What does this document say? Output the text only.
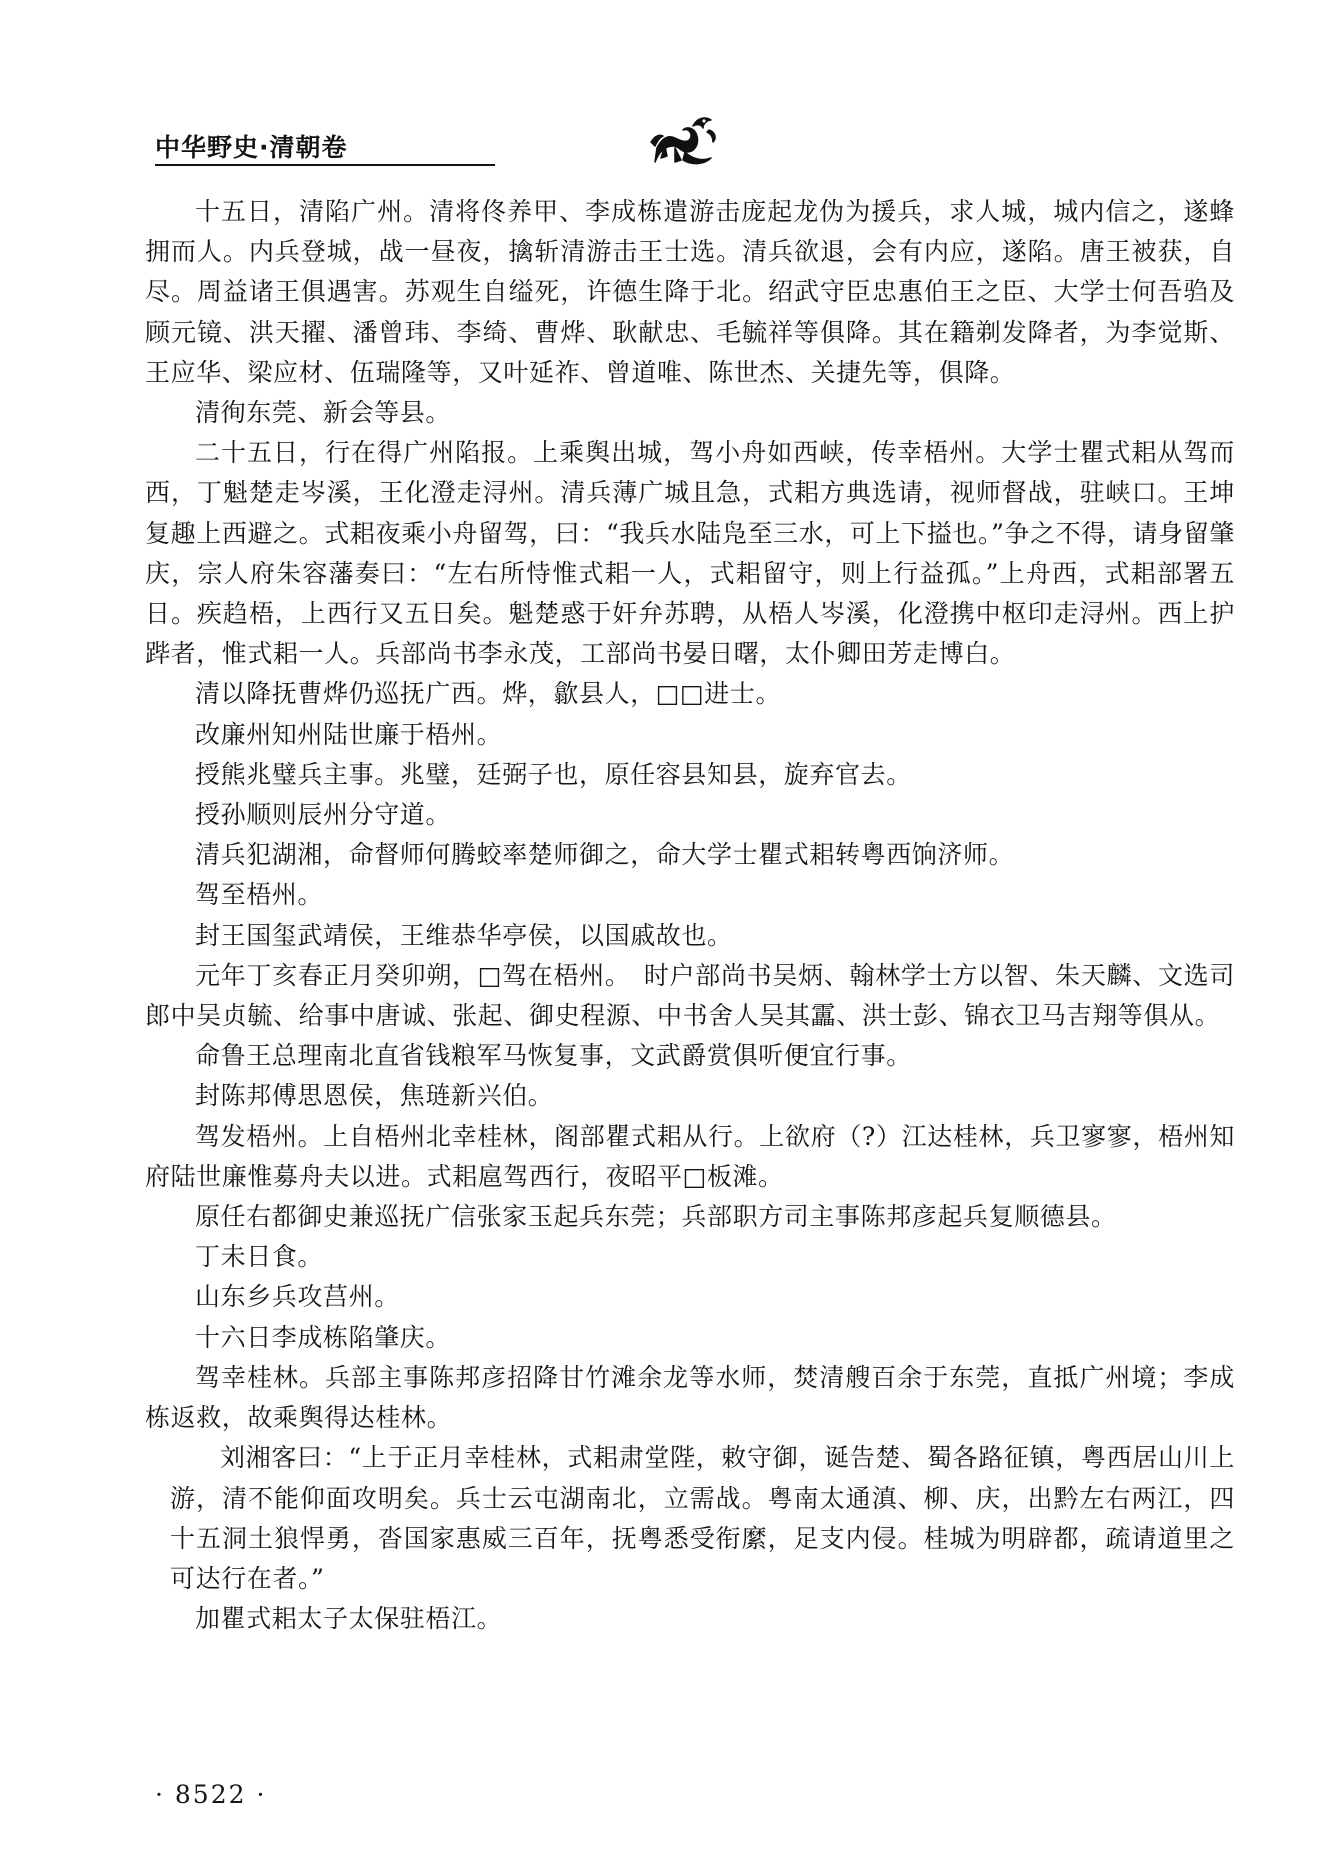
中华野史·清朝卷

十五日，清陷广州。清将佟养甲、李成栋遣游击庞起龙伪为援兵，求人城，城内信之，遂蜂拥而人。内兵登城，战一昼夜，擒斩清游击王士选。清兵欲退，会有内应，遂陷。唐王被获，自尽。周益诸王俱遇害。苏观生自缢死，许德生降于北。绍武守臣忠惠伯王之臣、大学士何吾驺及顾元镜、洪天擢、潘曾玮、李绮、曹烨、耿献忠、毛毓祥等俱降。其在籍剃发降者，为李觉斯、王应华、梁应材、伍瑞隆等，又叶延祚、曾道唯、陈世杰、关捷先等，俱降。

清徇东莞、新会等县。

二十五日，行在得广州陷报。上乘舆出城，驾小舟如西峡，传幸梧州。大学士瞿式耜从驾而西，丁魁楚走岑溪，王化澄走浔州。清兵薄广城且急，式耜方典选请，视师督战，驻峡口。王坤复趣上西避之。式耜夜乘小舟留驾，曰：“我兵水陆凫至三水，可上下搤也。”争之不得，请身留肇庆，宗人府朱容藩奏曰：“左右所恃惟式耜一人，式耜留守，则上行益孤。”上舟西，式耜部署五日。疾趋梧，上西行又五日矣。魁楚惑于奸弁苏聘，从梧人岑溪，化澄携中枢印走浔州。西上护跸者，惟式耜一人。兵部尚书李永茂，工部尚书晏日曙，太仆卿田芳走博白。

清以降抚曹烨仍巡抚广西。烨，歙县人，□□进士。

改廉州知州陆世廉于梧州。

授熊兆璧兵主事。兆璧，廷弼子也，原任容县知县，旋弃官去。

授孙顺则辰州分守道。

清兵犯湖湘，命督师何腾蛟率楚师御之，命大学士瞿式耜转粤西饷济师。

驾至梧州。

封王国玺武靖侯，王维恭华亭侯，以国戚故也。

元年丁亥春正月癸卯朔，□驾在梧州。　时户部尚书吴炳、翰林学士方以智、朱天麟、文选司郎中吴贞毓、给事中唐诚、张起、御史程源、中书舍人吴其靁、洪士彭、锦衣卫马吉翔等俱从。

命鲁王总理南北直省钱粮军马恢复事，文武爵赏俱听便宜行事。

封陈邦傅思恩侯，焦琏新兴伯。

驾发梧州。上自梧州北幸桂林，阁部瞿式耜从行。上欲府（?）江达桂林，兵卫寥寥，梧州知府陆世廉惟募舟夫以进。式耜扈驾西行，夜昭平□板滩。

原任右都御史兼巡抚广信张家玉起兵东莞；兵部职方司主事陈邦彦起兵复顺德县。

丁未日食。

山东乡兵攻莒州。

十六日李成栋陷肇庆。

驾幸桂林。兵部主事陈邦彦招降甘竹滩余龙等水师，焚清艘百余于东莞，直抵广州境；李成栋返救，故乘舆得达桂林。

刘湘客曰：“上于正月幸桂林，式耜肃堂陛，敕守御，诞告楚、蜀各路征镇，粤西居山川上游，清不能仰面攻明矣。兵士云屯湖南北，立需战。粤南太通滇、柳、庆，出黔左右两江，四十五洞土狼悍勇，沓国家惠威三百年，抚粤悉受衔縻，足支内侵。桂城为明辟都，疏请道里之可达行在者。”

加瞿式耜太子太保驻梧江。

· 8522 ·
